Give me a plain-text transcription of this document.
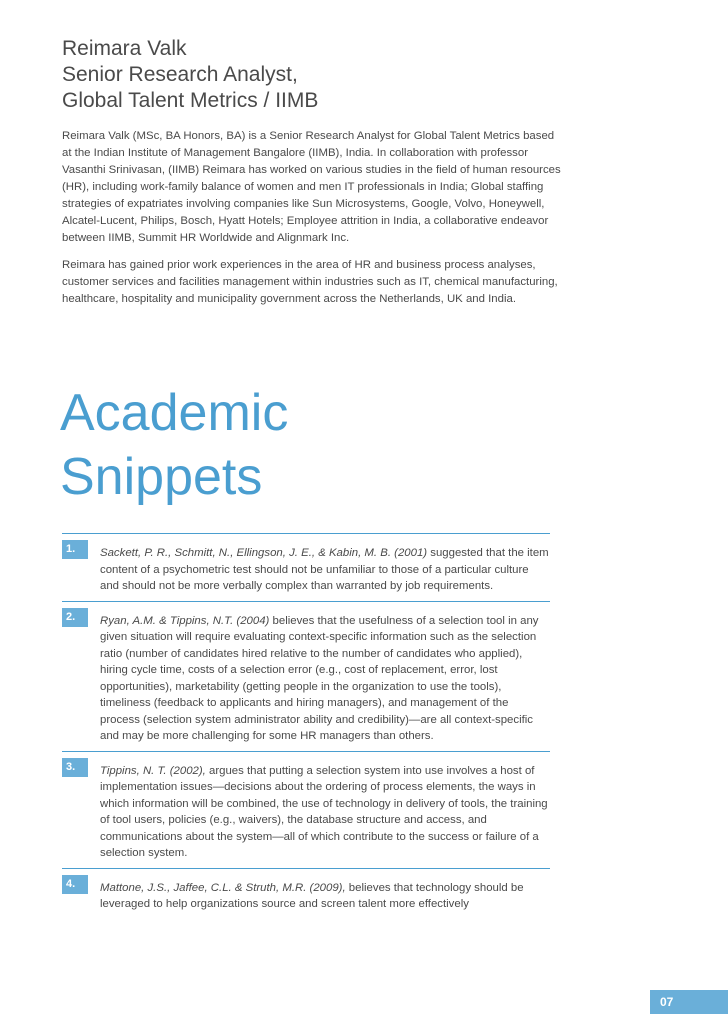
Reimara Valk
Senior Research Analyst,
Global Talent Metrics / IIMB

Reimara Valk (MSc, BA Honors, BA) is a Senior Research Analyst for Global Talent Metrics based at the Indian Institute of Management Bangalore (IIMB), India. In collaboration with professor Vasanthi Srinivasan, (IIMB) Reimara has worked on various studies in the field of human resources (HR), including work-family balance of women and men IT professionals in India; Global staffing strategies of expatriates involving companies like Sun Microsystems, Google, Volvo, Honeywell, Alcatel-Lucent, Philips, Bosch, Hyatt Hotels; Employee attrition in India, a collaborative endeavor between IIMB, Summit HR Worldwide and Alignmark Inc.

Reimara has gained prior work experiences in the area of HR and business process analyses, customer services and facilities management within industries such as IT, chemical manufacturing, healthcare, hospitality and municipality government across the Netherlands, UK and India.

Academic
Snippets
1.	Sackett, P. R., Schmitt, N., Ellingson, J. E., & Kabin, M. B. (2001) suggested that the item content of a psychometric test should not be unfamiliar to those of a particular culture and should not be more verbally complex than warranted by job requirements.

2.	Ryan, A.M. & Tippins, N.T. (2004) believes that the usefulness of a selection tool in any given situation will require evaluating context-specific information such as the selection ratio (number of candidates hired relative to the number of candidates who applied), hiring cycle time, costs of a selection error (e.g., cost of replacement, error, lost opportunities), marketability (getting people in the organization to use the tools), timeliness (feedback to applicants and hiring managers), and management of the process (selection system administrator ability and credibility)—are all context-specific and may be more challenging for some HR managers than others.

3.	Tippins, N. T. (2002), argues that putting a selection system into use involves a host of implementation issues—decisions about the ordering of process elements, the ways in which information will be combined, the use of technology in delivery of tools, the training of tool users, policies (e.g., waivers), the database structure and access, and communications about the system—all of which contribute to the success or failure of a selection system.

4.	Mattone, J.S., Jaffee, C.L. & Struth, M.R. (2009), believes that technology should be leveraged to help organizations source and screen talent more effectively

07
